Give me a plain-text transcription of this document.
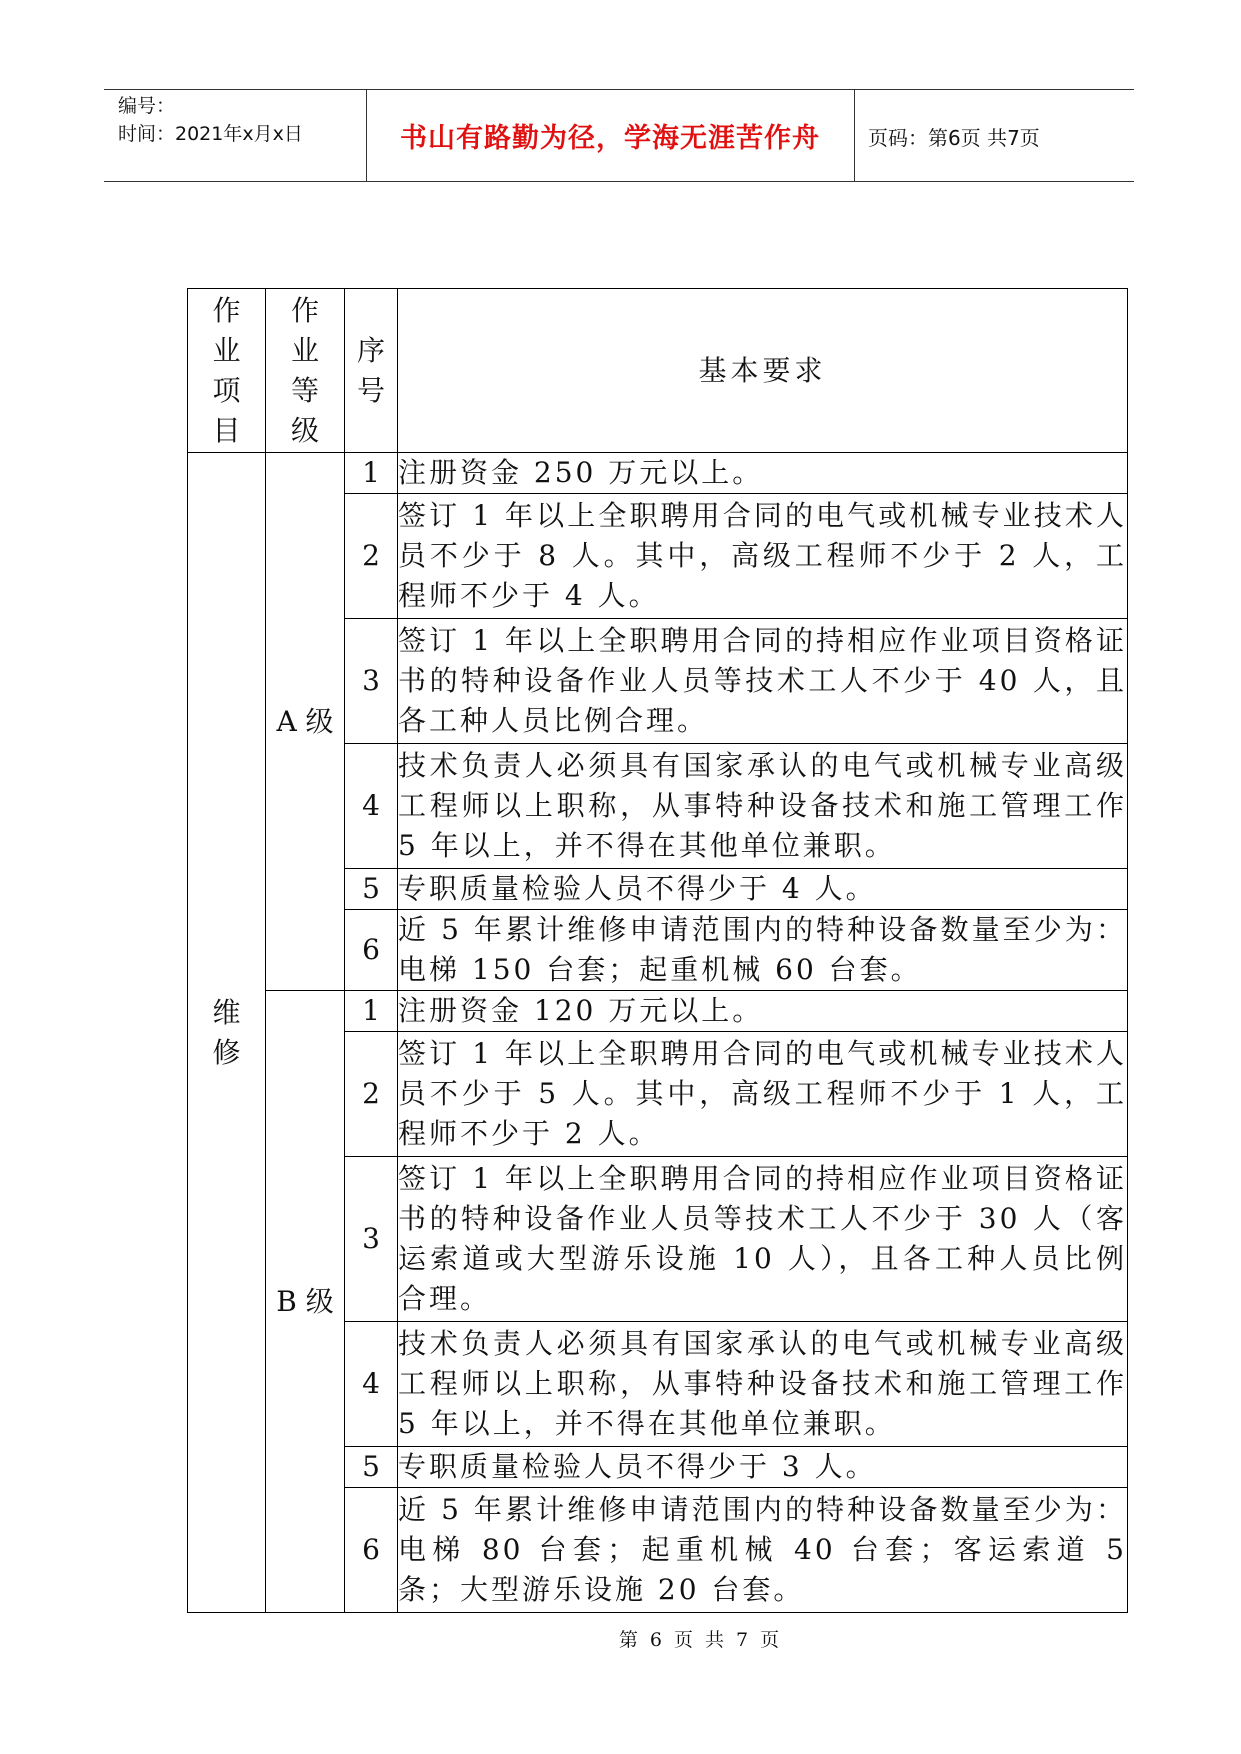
编号：
时间：2021年x月x日	书山有路勤为径，学海无涯苦作舟	页码：第6页 共7页
作
业
项
目	作
业
等
级	序
号	基本要求

维
修	A 级	1	注册资金 250 万元以上。
		2	签订 1 年以上全职聘用合同的电气或机械专业技术人员不少于 8 人。其中，高级工程师不少于 2 人，工程师不少于 4 人。
		3	签订 1 年以上全职聘用合同的持相应作业项目资格证书的特种设备作业人员等技术工人不少于 40 人，且各工种人员比例合理。
		4	技术负责人必须具有国家承认的电气或机械专业高级工程师以上职称，从事特种设备技术和施工管理工作 5 年以上，并不得在其他单位兼职。
		5	专职质量检验人员不得少于 4 人。
		6	近 5 年累计维修申请范围内的特种设备数量至少为：电梯 150 台套；起重机械 60 台套。
	B 级	1	注册资金 120 万元以上。
		2	签订 1 年以上全职聘用合同的电气或机械专业技术人员不少于 5 人。其中，高级工程师不少于 1 人，工程师不少于 2 人。
		3	签订 1 年以上全职聘用合同的持相应作业项目资格证书的特种设备作业人员等技术工人不少于 30 人（客运索道或大型游乐设施 10 人），且各工种人员比例合理。
		4	技术负责人必须具有国家承认的电气或机械专业高级工程师以上职称，从事特种设备技术和施工管理工作 5 年以上，并不得在其他单位兼职。
		5	专职质量检验人员不得少于 3 人。
		6	近 5 年累计维修申请范围内的特种设备数量至少为：电梯 80 台套；起重机械 40 台套；客运索道 5 条；大型游乐设施 20 台套。
第 6 页 共 7 页
